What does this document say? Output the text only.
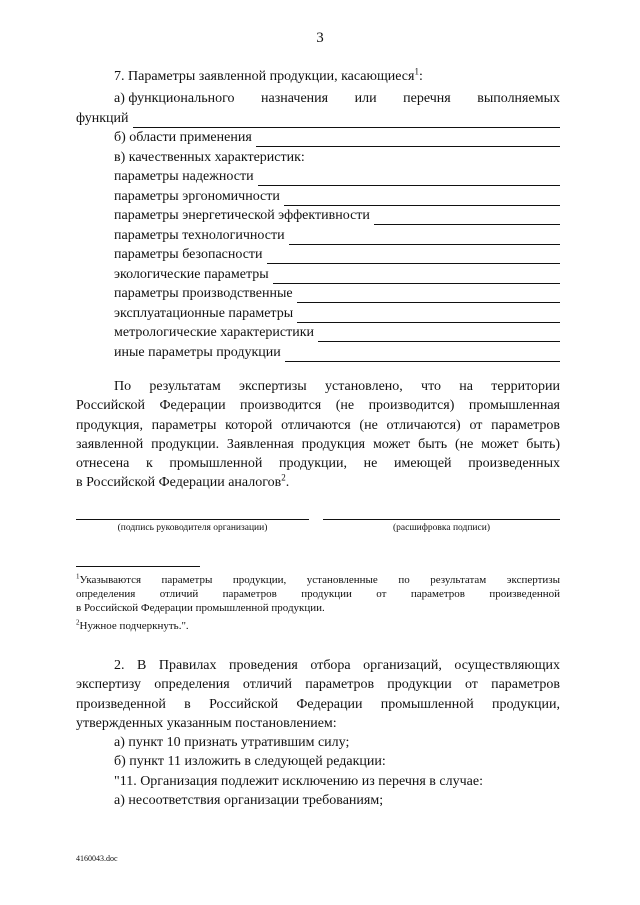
3
7. Параметры заявленной продукции, касающиеся$^1$:
а) функционального назначения или перечня выполняемых
функций
б) области применения
в) качественных характеристик:
параметры надежности
параметры эргономичности
параметры энергетической эффективности
параметры технологичности
параметры безопасности
экологические параметры
параметры производственные
эксплуатационные параметры
метрологические характеристики
иные параметры продукции
По результатам экспертизы установлено, что на территории
Российской Федерации производится (не производится) промышленная
продукция, параметры которой отличаются (не отличаются) от параметров
заявленной продукции. Заявленная продукция может быть (не может быть)
отнесена к промышленной продукции, не имеющей произведенных
в Российской Федерации аналогов$^2$.
(подпись руководителя организации)	(расшифровка подписи)
$^1$Указываются параметры продукции, установленные по результатам экспертизы
определения отличий параметров продукции от параметров произведенной
в Российской Федерации промышленной продукции.
$^2$Нужное подчеркнуть.".
2. В Правилах проведения отбора организаций, осуществляющих
экспертизу определения отличий параметров продукции от параметров
произведенной в Российской Федерации промышленной продукции,
утвержденных указанным постановлением:
а) пункт 10 признать утратившим силу;
б) пункт 11 изложить в следующей редакции:
"11. Организация подлежит исключению из перечня в случае:
а) несоответствия организации требованиям;
4160043.doc
